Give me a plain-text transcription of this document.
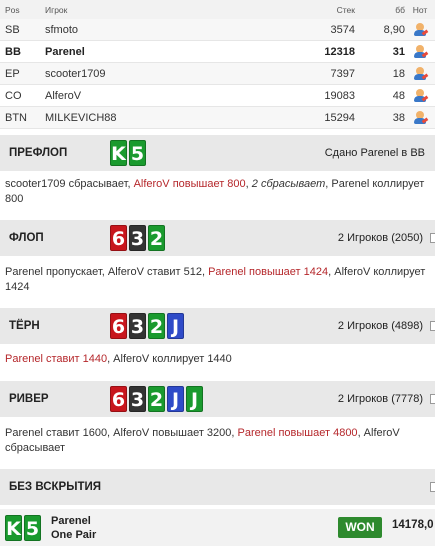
Pos	Игрок	Стек	бб Нот
SB	sfmoto	3574	8,90
BB	Parenel	12318	31
EP	scooter1709	7397	18
CO	AlferoV	19083	48
BTN	MILKEVICH88	15294	38
ПРЕФЛОП	K 5	Сдано Parenel в BB
scooter1709 сбрасывает, AlferoV повышает 800, 2 сбрасывает, Parenel коллирует 800
ФЛОП	6 3 2	2 Игроков (2050)
Parenel пропускает, AlferoV ставит 512, Parenel повышает 1424, AlferoV коллирует 1424
ТЁРН	6 3 2 J	2 Игроков (4898)
Parenel ставит 1440, AlferoV коллирует 1440
РИВЕР	6 3 2 J J	2 Игроков (7778)
Parenel ставит 1600, AlferoV повышает 3200, Parenel повышает 4800, AlferoV сбрасывает
БЕЗ ВСКРЫТИЯ
K 5 Parenel
One Pair
WON	14178,0
